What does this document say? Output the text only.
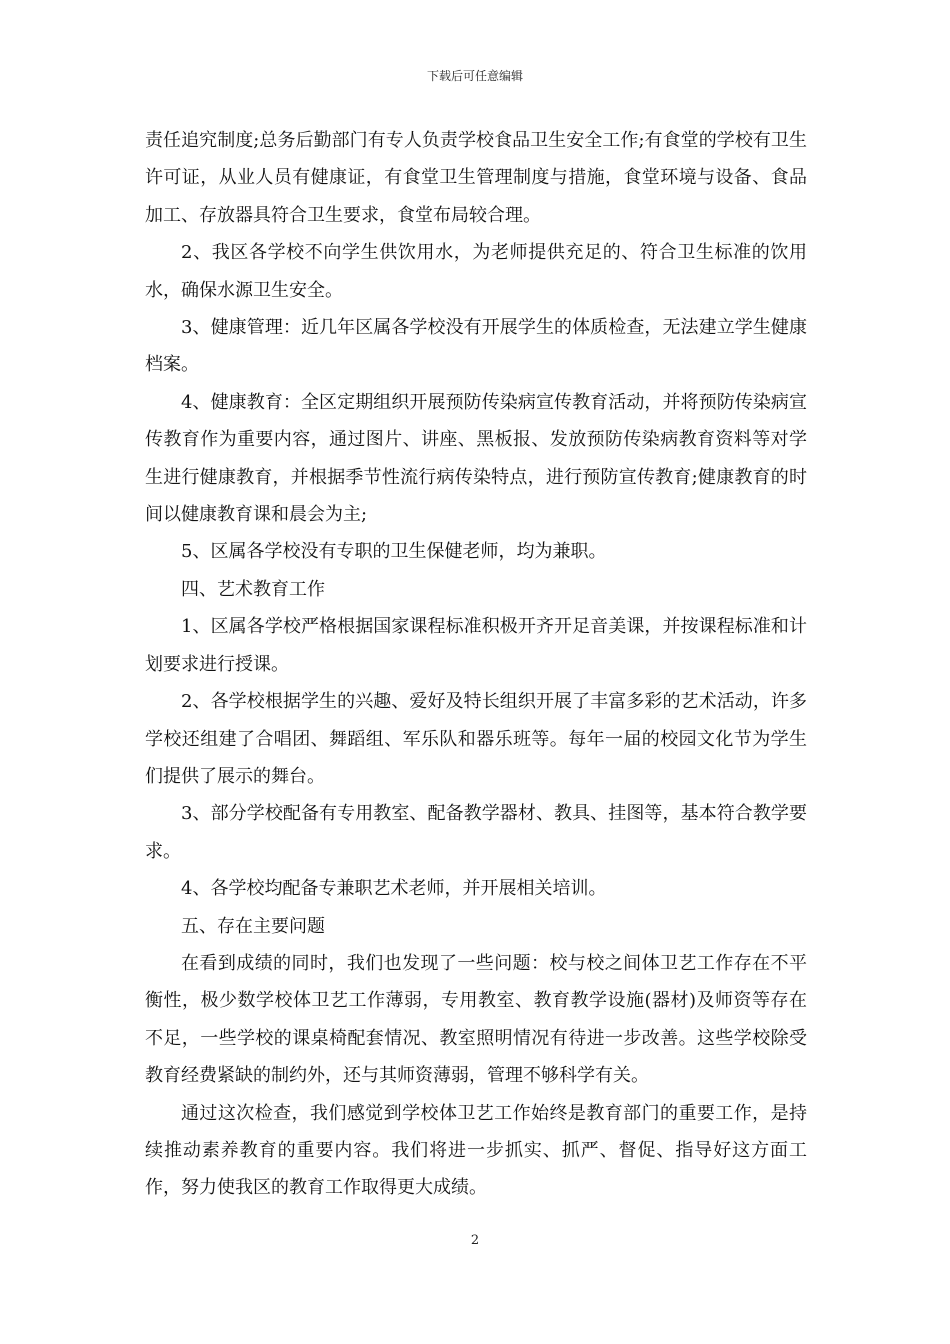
下载后可任意编辑

责任追究制度;总务后勤部门有专人负责学校食品卫生安全工作;有食堂的学校有卫生许可证，从业人员有健康证，有食堂卫生管理制度与措施，食堂环境与设备、食品加工、存放器具符合卫生要求，食堂布局较合理。

2、我区各学校不向学生供饮用水，为老师提供充足的、符合卫生标准的饮用水，确保水源卫生安全。

3、健康管理：近几年区属各学校没有开展学生的体质检查，无法建立学生健康档案。

4、健康教育：全区定期组织开展预防传染病宣传教育活动，并将预防传染病宣传教育作为重要内容，通过图片、讲座、黑板报、发放预防传染病教育资料等对学生进行健康教育，并根据季节性流行病传染特点，进行预防宣传教育;健康教育的时间以健康教育课和晨会为主;

5、区属各学校没有专职的卫生保健老师，均为兼职。

四、艺术教育工作

1、区属各学校严格根据国家课程标准积极开齐开足音美课，并按课程标准和计划要求进行授课。

2、各学校根据学生的兴趣、爱好及特长组织开展了丰富多彩的艺术活动，许多学校还组建了合唱团、舞蹈组、军乐队和器乐班等。每年一届的校园文化节为学生们提供了展示的舞台。

3、部分学校配备有专用教室、配备教学器材、教具、挂图等，基本符合教学要求。

4、各学校均配备专兼职艺术老师，并开展相关培训。

五、存在主要问题

在看到成绩的同时，我们也发现了一些问题：校与校之间体卫艺工作存在不平衡性，极少数学校体卫艺工作薄弱，专用教室、教育教学设施(器材)及师资等存在不足，一些学校的课桌椅配套情况、教室照明情况有待进一步改善。这些学校除受教育经费紧缺的制约外，还与其师资薄弱，管理不够科学有关。

通过这次检查，我们感觉到学校体卫艺工作始终是教育部门的重要工作，是持续推动素养教育的重要内容。我们将进一步抓实、抓严、督促、指导好这方面工作，努力使我区的教育工作取得更大成绩。

2
